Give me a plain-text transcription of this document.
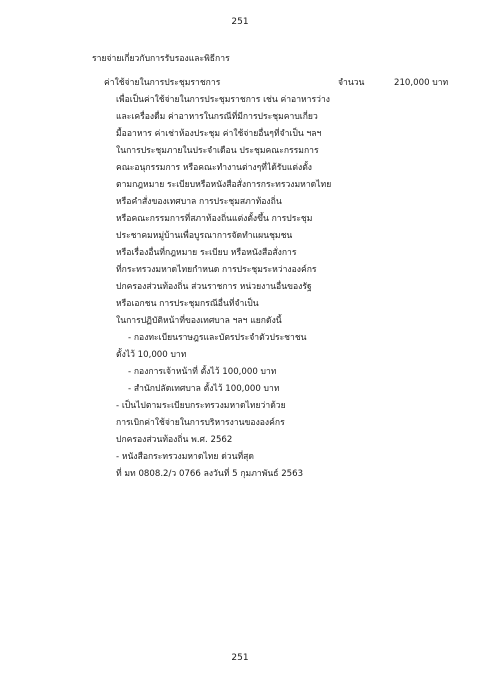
251
รายจ่ายเกี่ยวกับการรับรองและพิธีการ
ค่าใช้จ่ายในการประชุมราชการ	จำนวน	210,000 บาท
เพื่อเป็นค่าใช้จ่ายในการประชุมราชการ เช่น ค่าอาหารว่าง
และเครื่องดื่ม ค่าอาหารในกรณีที่มีการประชุมคาบเกี่ยว
มื้ออาหาร ค่าเช่าห้องประชุม ค่าใช้จ่ายอื่นๆที่จำเป็น ฯลฯ
ในการประชุมภายในประจำเดือน ประชุมคณะกรรมการ
คณะอนุกรรมการ หรือคณะทำงานต่างๆที่ได้รับแต่งตั้ง
ตามกฎหมาย ระเบียบหรือหนังสือสั่งการกระทรวงมหาดไทย
หรือคำสั่งของเทศบาล การประชุมสภาท้องถิ่น
หรือคณะกรรมการที่สภาท้องถิ่นแต่งตั้งขึ้น การประชุม
ประชาคมหมู่บ้านเพื่อบูรณาการจัดทำแผนชุมชน
หรือเรื่องอื่นที่กฎหมาย ระเบียบ หรือหนังสือสั่งการ
ที่กระทรวงมหาดไทยกำหนด การประชุมระหว่างองค์กร
ปกครองส่วนท้องถิ่น ส่วนราชการ หน่วยงานอื่นของรัฐ
หรือเอกชน การประชุมกรณีอื่นที่จำเป็น
ในการปฏิบัติหน้าที่ของเทศบาล ฯลฯ แยกดังนี้
- กองทะเบียนราษฎรและบัตรประจำตัวประชาชน
ตั้งไว้ 10,000 บาท
- กองการเจ้าหน้าที่ ตั้งไว้ 100,000 บาท
- สำนักปลัดเทศบาล ตั้งไว้ 100,000 บาท
- เป็นไปตามระเบียบกระทรวงมหาดไทยว่าด้วย
การเบิกค่าใช้จ่ายในการบริหารงานขององค์กร
ปกครองส่วนท้องถิ่น พ.ศ. 2562
- หนังสือกระทรวงมหาดไทย ด่วนที่สุด
ที่ มท 0808.2/ว 0766 ลงวันที่ 5 กุมภาพันธ์ 2563
251
